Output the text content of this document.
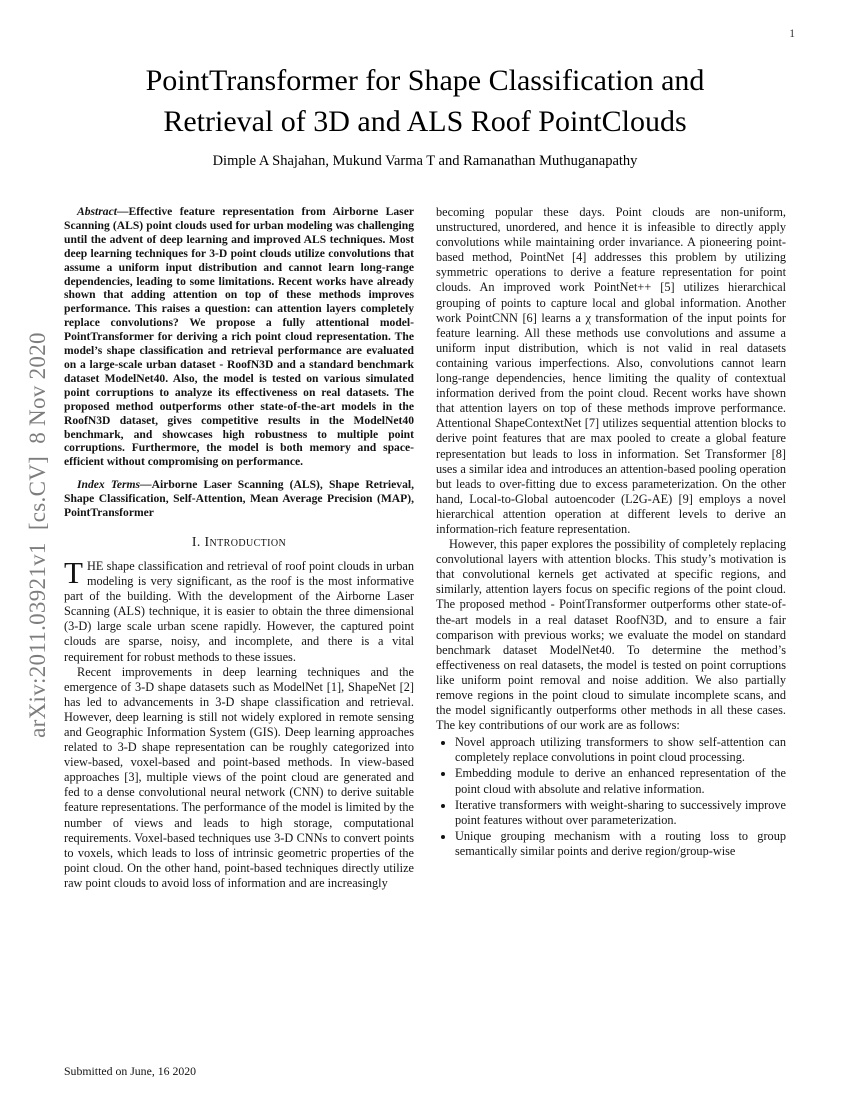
1
arXiv:2011.03921v1  [cs.CV]  8 Nov 2020
PointTransformer for Shape Classification and
Retrieval of 3D and ALS Roof PointClouds
Dimple A Shajahan, Mukund Varma T and Ramanathan Muthuganapathy

Abstract—Effective feature representation from Airborne Laser Scanning (ALS) point clouds used for urban modeling was challenging until the advent of deep learning and improved ALS techniques. Most deep learning techniques for 3-D point clouds utilize convolutions that assume a uniform input distribution and cannot learn long-range dependencies, leading to some limitations. Recent works have already shown that adding attention on top of these methods improves performance. This raises a question: can attention layers completely replace convolutions? We propose a fully attentional model-PointTransformer for deriving a rich point cloud representation. The model’s shape classification and retrieval performance are evaluated on a large-scale urban dataset - RoofN3D and a standard benchmark dataset ModelNet40. Also, the model is tested on various simulated point corruptions to analyze its effectiveness on real datasets. The proposed method outperforms other state-of-the-art models in the RoofN3D dataset, gives competitive results in the ModelNet40 benchmark, and showcases high robustness to multiple point corruptions. Furthermore, the model is both memory and space-efficient without compromising on performance.

Index Terms—Airborne Laser Scanning (ALS), Shape Retrieval, Shape Classification, Self-Attention, Mean Average Precision (MAP), PointTransformer

I. Introduction

THE shape classification and retrieval of roof point clouds in urban modeling is very significant, as the roof is the most informative part of the building. With the development of the Airborne Laser Scanning (ALS) technique, it is easier to obtain the three dimensional (3-D) large scale urban scene rapidly. However, the captured point clouds are sparse, noisy, and incomplete, and there is a vital requirement for robust methods to these issues.

Recent improvements in deep learning techniques and the emergence of 3-D shape datasets such as ModelNet [1], ShapeNet [2] has led to advancements in 3-D shape classification and retrieval. However, deep learning is still not widely explored in remote sensing and Geographic Information System (GIS). Deep learning approaches related to 3-D shape representation can be roughly categorized into view-based, voxel-based and point-based methods. In view-based approaches [3], multiple views of the point cloud are generated and fed to a dense convolutional neural network (CNN) to derive suitable feature representations. The performance of the model is limited by the number of views and leads to high storage, computational requirements. Voxel-based techniques use 3-D CNNs to convert points to voxels, which leads to loss of intrinsic geometric properties of the point cloud. On the other hand, point-based techniques directly utilize raw point clouds to avoid loss of information and are increasingly

becoming popular these days. Point clouds are non-uniform, unstructured, unordered, and hence it is infeasible to directly apply convolutions while maintaining order invariance. A pioneering point-based method, PointNet [4] addresses this problem by utilizing symmetric operations to derive a feature representation for point clouds. An improved work PointNet++ [5] utilizes hierarchical grouping of points to capture local and global information. Another work PointCNN [6] learns a χ transformation of the input points for feature learning. All these methods use convolutions and assume a uniform input distribution, which is not valid in real datasets containing various imperfections. Also, convolutions cannot learn long-range dependencies, hence limiting the quality of contextual information derived from the point cloud. Recent works have shown that attention layers on top of these methods improve performance. Attentional ShapeContextNet [7] utilizes sequential attention blocks to derive point features that are max pooled to create a global feature representation but leads to loss in information. Set Transformer [8] uses a similar idea and introduces an attention-based pooling operation but leads to over-fitting due to excess parameterization. On the other hand, Local-to-Global autoencoder (L2G-AE) [9] employs a novel hierarchical attention operation at different levels to derive an information-rich feature representation.

However, this paper explores the possibility of completely replacing convolutional layers with attention blocks. This study’s motivation is that convolutional kernels get activated at specific regions, and similarly, attention layers focus on specific regions of the point cloud. The proposed method - PointTransformer outperforms other state-of-the-art models in a real dataset RoofN3D, and to ensure a fair comparison with previous works; we evaluate the model on standard benchmark dataset ModelNet40. To determine the method’s effectiveness on real datasets, the model is tested on point corruptions like uniform point removal and noise addition. We also partially remove regions in the point cloud to simulate incomplete scans, and the model significantly outperforms other methods in all these cases. The key contributions of our work are as follows:

• Novel approach utilizing transformers to show self-attention can completely replace convolutions in point cloud processing.
• Embedding module to derive an enhanced representation of the point cloud with absolute and relative information.
• Iterative transformers with weight-sharing to successively improve point features without over parameterization.
• Unique grouping mechanism with a routing loss to group semantically similar points and derive region/group-wise
Submitted on June, 16 2020
